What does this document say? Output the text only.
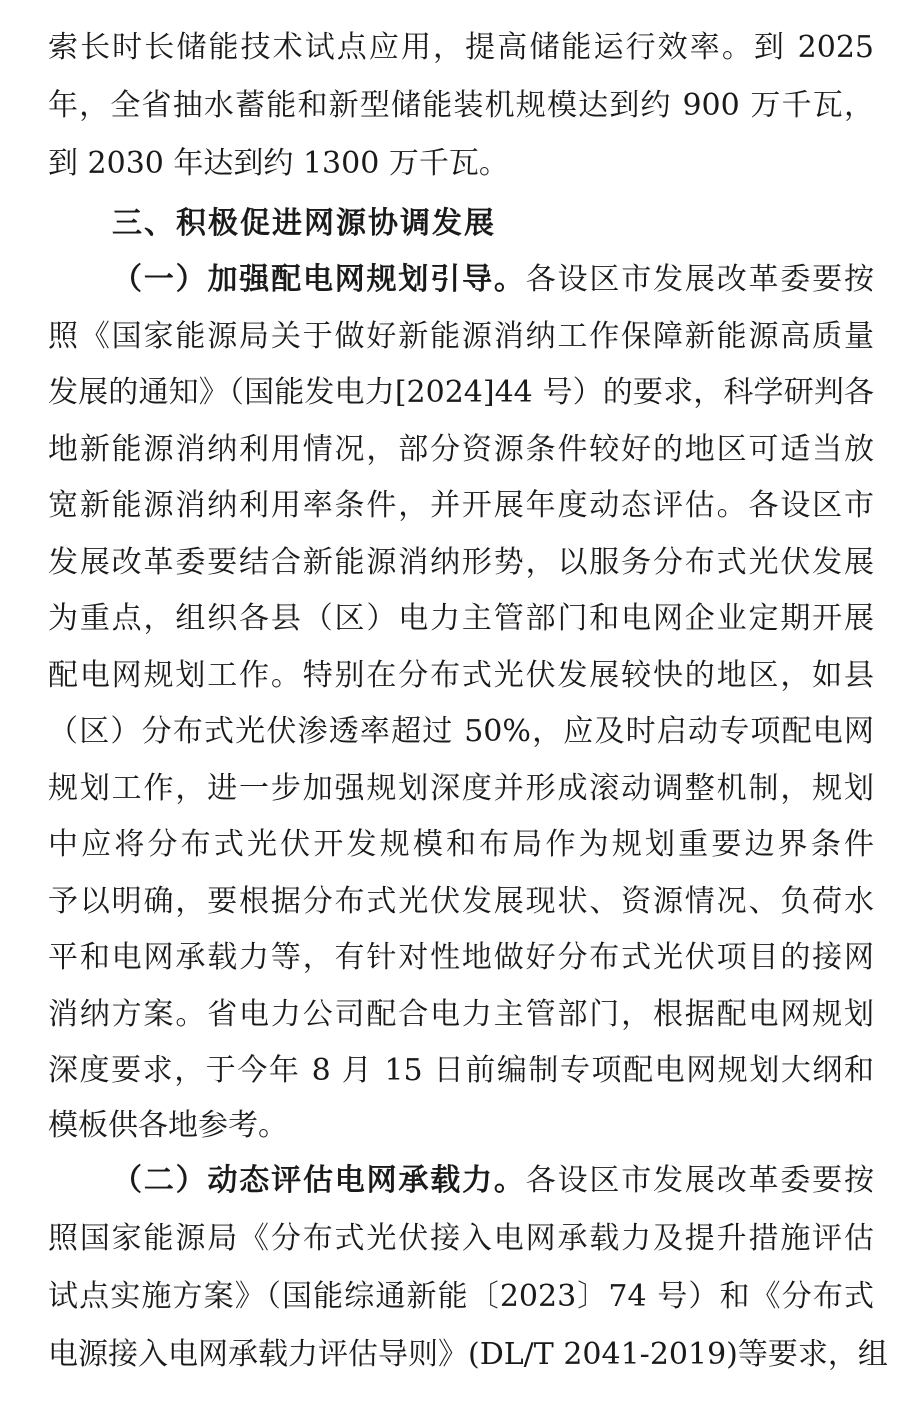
索长时长储能技术试点应用，提高储能运行效率。到 2025
年，全省抽水蓄能和新型储能装机规模达到约 900 万千瓦，
到 2030 年达到约 1300 万千瓦。
三、积极促进网源协调发展
（一）加强配电网规划引导。各设区市发展改革委要按
照《国家能源局关于做好新能源消纳工作保障新能源高质量
发展的通知》（国能发电力[2024]44 号）的要求，科学研判各
地新能源消纳利用情况，部分资源条件较好的地区可适当放
宽新能源消纳利用率条件，并开展年度动态评估。各设区市
发展改革委要结合新能源消纳形势，以服务分布式光伏发展
为重点，组织各县（区）电力主管部门和电网企业定期开展
配电网规划工作。特别在分布式光伏发展较快的地区，如县
（区）分布式光伏渗透率超过 50%，应及时启动专项配电网
规划工作，进一步加强规划深度并形成滚动调整机制，规划
中应将分布式光伏开发规模和布局作为规划重要边界条件
予以明确，要根据分布式光伏发展现状、资源情况、负荷水
平和电网承载力等，有针对性地做好分布式光伏项目的接网
消纳方案。省电力公司配合电力主管部门，根据配电网规划
深度要求，于今年 8 月 15 日前编制专项配电网规划大纲和
模板供各地参考。
（二）动态评估电网承载力。各设区市发展改革委要按
照国家能源局《分布式光伏接入电网承载力及提升措施评估
试点实施方案》（国能综通新能〔2023〕74 号）和《分布式
电源接入电网承载力评估导则》(DL/T 2041-2019)等要求，组
